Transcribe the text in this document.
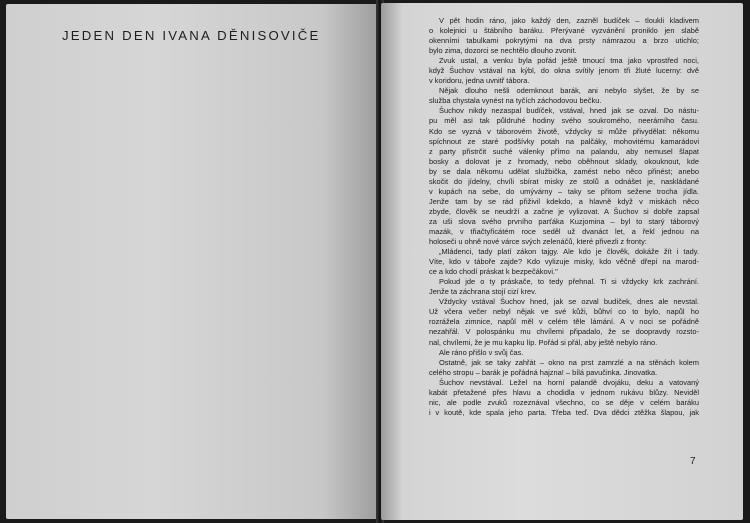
JEDEN DEN IVANA DĚNISOVIČE
V pět hodin ráno, jako každý den, zazněl budíček – tloukli kladivem
o kolejnici u štábního baráku. Přerývané vyzvánění proniklo jen slabě
okenními tabulkami pokrytými na dva prsty námrazou a brzo utichlo;
bylo zima, dozorci se nechtělo dlouho zvonit.
Zvuk ustal, a venku byla pořád ještě tmoucí tma jako vprostřed noci,
když Šuchov vstával na kýbl, do okna svítily jenom tři žluté lucerny: dvě
v koridoru, jedna uvnitř tábora.
Nějak dlouho nešli odemknout barák, ani nebylo slyšet, že by se
služba chystala vynést na tyčích záchodovou bečku.
Šuchov nikdy nezaspal budíček, vstával, hned jak se ozval. Do nástu-
pu měl asi tak půldruhé hodiny svého soukromého, neerárního času.
Kdo se vyzná v táborovém životě, vždycky si může přivydělat: někomu
spíchnout ze staré podšívky potah na palčáky, mohovitému kamarádovi
z party přistrčit suché válenky přímo na palandu, aby nemusel šlapat
bosky a dolovat je z hromady, nebo oběhnout sklady, okouknout, kde
by se dala někomu udělat službička, zamést nebo něco přinést; anebo
skočit do jídelny, chvíli sbírat misky ze stolů a odnášet je, naskládané
v kupách na sebe, do umývárny – taky se přitom sežene trocha jídla.
Jenže tam by se rád přiživil kdekdo, a hlavně když v miskách něco
zbyde, člověk se neudrží a začne je vylizovat. A Šuchov si dobře zapsal
za uši slova svého prvního parťáka Kuzjomina – byl to starý táborový
mazák, v třiačtyřicátém roce seděl už dvanáct let, a řekl jednou na
holoseči u ohně nové várce svých zelenáčů, které přivezli z fronty:
„Mládenci, tady platí zákon tajgy. Ale kdo je člověk, dokáže žít i tady.
Víte, kdo v táboře zajde? Kdo vylizuje misky, kdo věčně dřepí na marod-
ce a kdo chodí práskat k bezpečákovi."
Pokud jde o ty práskače, to tedy přehnal. Ti si vždycky krk zachrání.
Jenže ta záchrana stojí cizí krev.
Vždycky vstával Šuchov hned, jak se ozval budíček, dnes ale nevstal.
Už včera večer nebyl nějak ve své kůži, bůhví co to bylo, napůl ho
rozrážela zimnice, napůl měl v celém těle lámání. A v noci se pořádně
nezahřál. V polospánku mu chvílemi připadalo, že se doopravdy rozsto-
nal, chvílemi, že je mu kapku líp. Pořád si přál, aby ještě nebylo ráno.
Ale ráno přišlo v svůj čas.
Ostatně, jak se taky zahřát – okno na prst zamrzlé a na stěnách kolem
celého stropu – barák je pořádná hajzna! – bílá pavučinka. Jinovatka.
Šuchov nevstával. Ležel na horní palandě dvojáku, deku a vatovaný
kabát přetažené přes hlavu a chodidla v jednom rukávu blůzy. Neviděl
nic, ale podle zvuků rozeznával všechno, co se děje v celém baráku
i v koutě, kde spala jeho parta. Třeba teď. Dva dědci ztěžka šlapou, jak
7
